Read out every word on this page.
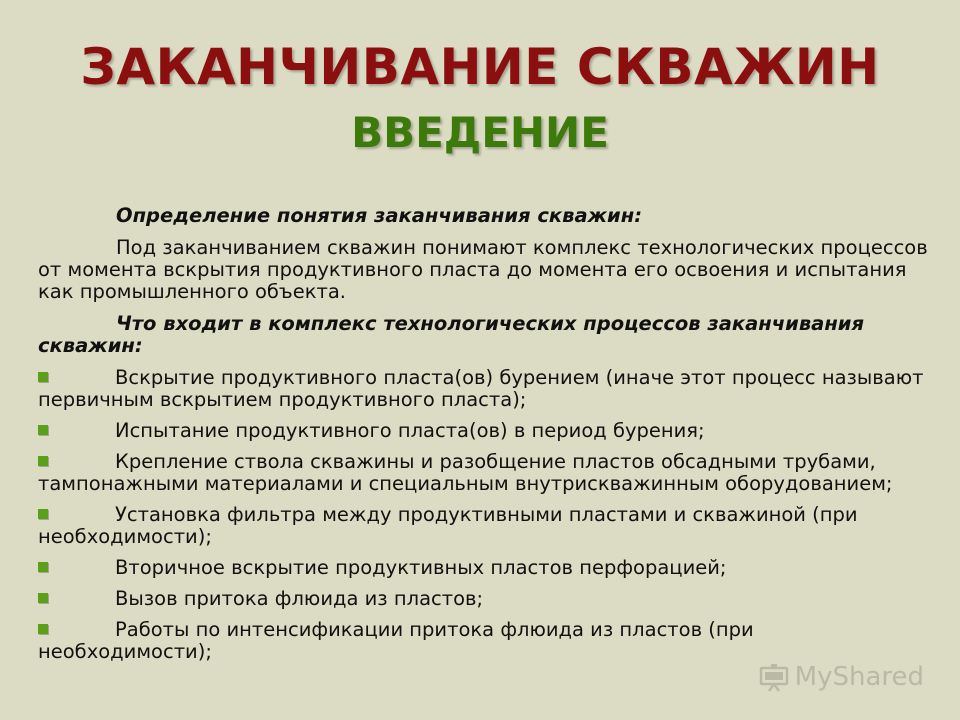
ЗАКАНЧИВАНИЕ СКВАЖИН
ВВЕДЕНИЕ

Определение понятия заканчивания скважин:

Под заканчиванием скважин понимают комплекс технологических процессов от момента вскрытия продуктивного пласта до момента его освоения и испытания как промышленного объекта.

Что входит в комплекс технологических процессов заканчивания скважин:

Вскрытие продуктивного пласта(ов) бурением (иначе этот процесс называют первичным вскрытием продуктивного пласта);
Испытание продуктивного пласта(ов) в период бурения;
Крепление ствола скважины и разобщение пластов обсадными трубами, тампонажными материалами и специальным внутрискважинным оборудованием;
Установка фильтра между продуктивными пластами и скважиной (при необходимости);
Вторичное вскрытие продуктивных пластов перфорацией;
Вызов притока флюида из пластов;
Работы по интенсификации притока флюида из пластов (при необходимости);
MyShared
